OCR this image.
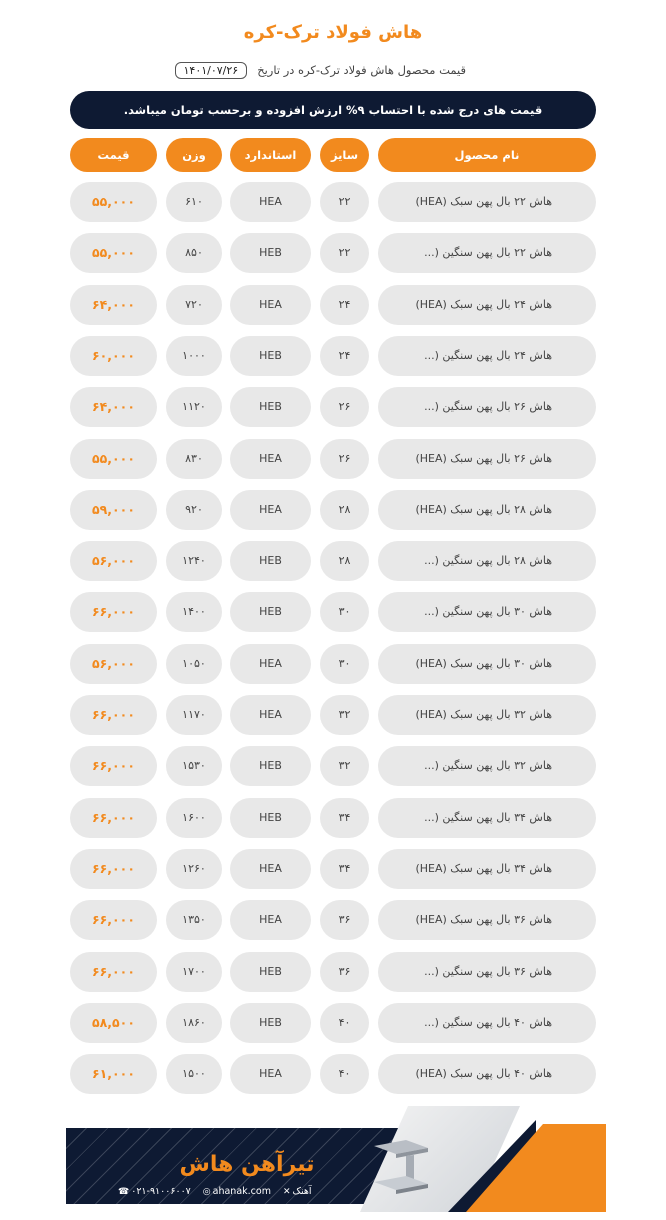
هاش فولاد ترک-کره
قیمت محصول هاش فولاد ترک-کره در تاریخ
۱۴۰۱/۰۷/۲۶
قیمت های درج شده با احتساب ۹% ارزش افزوده و برحسب تومان میباشد.
نام محصول
سایز
استاندارد
وزن
قیمت
هاش ۲۲ بال پهن سبک (HEA)
۲۲
HEA
۶۱۰
۵۵,۰۰۰
هاش ۲۲ بال پهن سنگین (...
۲۲
HEB
۸۵۰
۵۵,۰۰۰
هاش ۲۴ بال پهن سبک (HEA)
۲۴
HEA
۷۲۰
۶۴,۰۰۰
هاش ۲۴ بال پهن سنگین (...
۲۴
HEB
۱۰۰۰
۶۰,۰۰۰
هاش ۲۶ بال پهن سنگین (...
۲۶
HEB
۱۱۲۰
۶۴,۰۰۰
هاش ۲۶ بال پهن سبک (HEA)
۲۶
HEA
۸۳۰
۵۵,۰۰۰
هاش ۲۸ بال پهن سبک (HEA)
۲۸
HEA
۹۲۰
۵۹,۰۰۰
هاش ۲۸ بال پهن سنگین (...
۲۸
HEB
۱۲۴۰
۵۶,۰۰۰
هاش ۳۰ بال پهن سنگین (...
۳۰
HEB
۱۴۰۰
۶۶,۰۰۰
هاش ۳۰ بال پهن سبک (HEA)
۳۰
HEA
۱۰۵۰
۵۶,۰۰۰
هاش ۳۲ بال پهن سبک (HEA)
۳۲
HEA
۱۱۷۰
۶۶,۰۰۰
هاش ۳۲ بال پهن سنگین (...
۳۲
HEB
۱۵۳۰
۶۶,۰۰۰
هاش ۳۴ بال پهن سنگین (...
۳۴
HEB
۱۶۰۰
۶۶,۰۰۰
هاش ۳۴ بال پهن سبک (HEA)
۳۴
HEA
۱۲۶۰
۶۶,۰۰۰
هاش ۳۶ بال پهن سبک (HEA)
۳۶
HEA
۱۳۵۰
۶۶,۰۰۰
هاش ۳۶ بال پهن سنگین (...
۳۶
HEB
۱۷۰۰
۶۶,۰۰۰
هاش ۴۰ بال پهن سنگین (...
۴۰
HEB
۱۸۶۰
۵۸,۵۰۰
هاش ۴۰ بال پهن سبک (HEA)
۴۰
HEA
۱۵۰۰
۶۱,۰۰۰
تیرآهن هاش
☎ ۰۲۱-۹۱۰۰۶۰۰۷ ◎ ahanak.com ✕ آهنک
